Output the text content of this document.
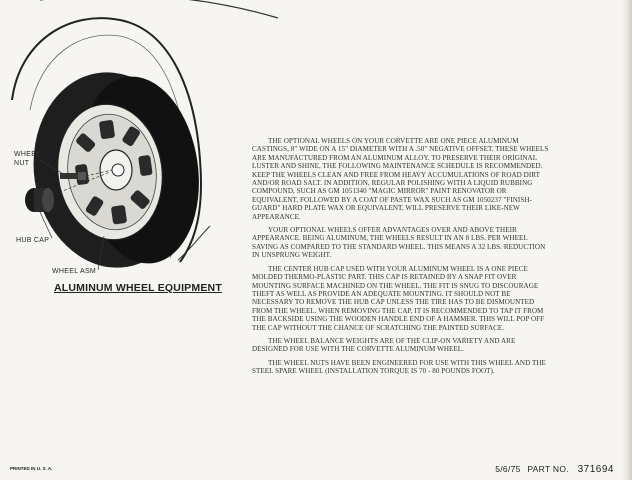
WHEEL
NUT
HUB CAP
WHEEL ASM
ALUMINUM WHEEL EQUIPMENT

THE OPTIONAL WHEELS ON YOUR CORVETTE ARE ONE PIECE ALUMINUM CASTINGS, 8" WIDE ON A 15" DIAMETER WITH A .50" NEGATIVE OFFSET. THESE WHEELS ARE MANUFACTURED FROM AN ALUMINUM ALLOY. TO PRESERVE THEIR ORIGINAL LUSTER AND SHINE, THE FOLLOWING MAINTENANCE SCHEDULE IS RECOMMENDED. KEEP THE WHEELS CLEAN AND FREE FROM HEAVY ACCUMULATIONS OF ROAD DIRT AND/OR ROAD SALT. IN ADDITION, REGULAR POLISHING WITH A LIQUID RUBBING COMPOUND, SUCH AS GM 1051340 "MAGIC MIRROR" PAINT RENOVATOR OR EQUIVALENT, FOLLOWED BY A COAT OF PASTE WAX SUCH AS GM 1050237 "FINISH-GUARD" HARD PLATE WAX OR EQUIVALENT, WILL PRESERVE THEIR LIKE-NEW APPEARANCE.

YOUR OPTIONAL WHEELS OFFER ADVANTAGES OVER AND ABOVE THEIR APPEARANCE. BEING ALUMINUM, THE WHEELS RESULT IN AN 8 LBS. PER WHEEL SAVING AS COMPARED TO THE STANDARD WHEEL. THIS MEANS A 32 LBS. REDUCTION IN UNSPRUNG WEIGHT.

THE CENTER HUB CAP USED WITH YOUR ALUMINUM WHEEL IS A ONE PIECE MOLDED THERMO-PLASTIC PART. THIS CAP IS RETAINED BY A SNAP FIT OVER MOUNTING SURFACE MACHINED ON THE WHEEL. THE FIT IS SNUG TO DISCOURAGE THEFT AS WELL AS PROVIDE AN ADEQUATE MOUNTING. IT SHOULD NOT BE NECESSARY TO REMOVE THE HUB CAP UNLESS THE TIRE HAS TO BE DISMOUNTED FROM THE WHEEL. WHEN REMOVING THE CAP, IT IS RECOMMENDED TO TAP IT FROM THE BACKSIDE USING THE WOODEN HANDLE END OF A HAMMER. THIS WILL POP OFF THE CAP WITHOUT THE CHANCE OF SCRATCHING THE PAINTED SURFACE.

THE WHEEL BALANCE WEIGHTS ARE OF THE CLIP-ON VARIETY AND ARE DESIGNED FOR USE WITH THE CORVETTE ALUMINUM WHEEL.

THE WHEEL NUTS HAVE BEEN ENGINEERED FOR USE WITH THIS WHEEL AND THE STEEL SPARE WHEEL (INSTALLATION TORQUE IS 70 - 80 POUNDS FOOT).

PRINTED IN U. S. A.	5/6/75 PART NO. 371694
